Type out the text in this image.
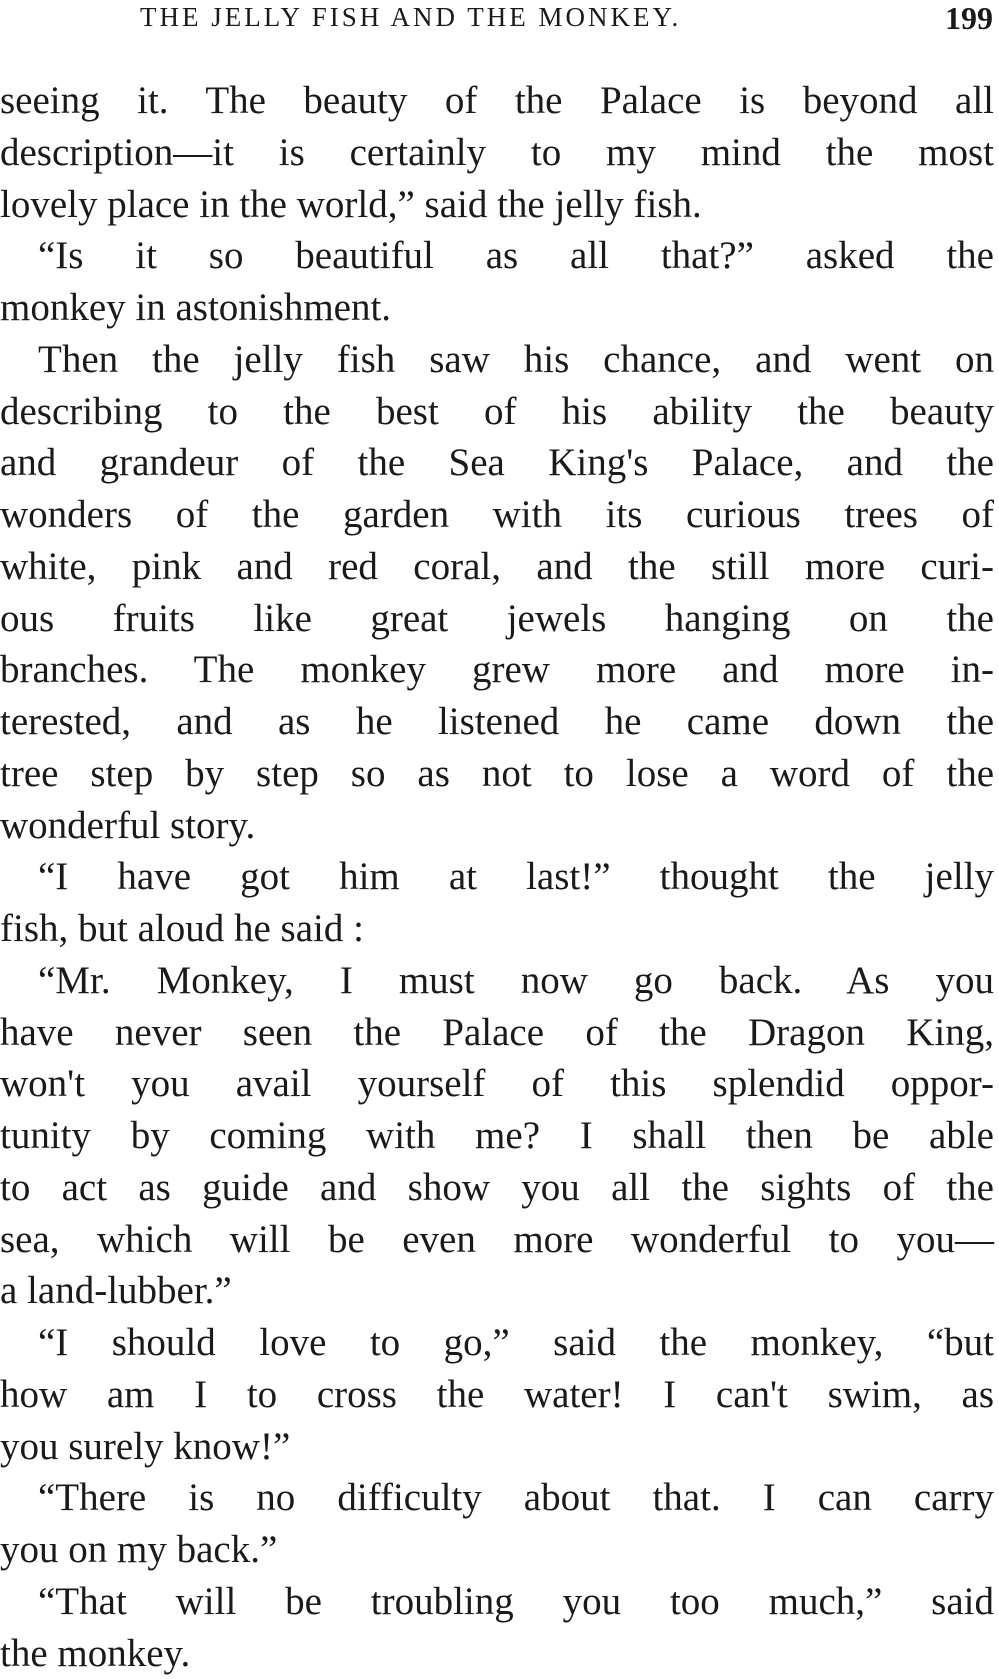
THE JELLY FISH AND THE MONKEY.	199
seeing it. The beauty of the Palace is beyond all
description—it is certainly to my mind the most
lovely place in the world,” said the jelly fish.
“Is it so beautiful as all that?” asked the
monkey in astonishment.
Then the jelly fish saw his chance, and went on
describing to the best of his ability the beauty
and grandeur of the Sea King's Palace, and the
wonders of the garden with its curious trees of
white, pink and red coral, and the still more curi-
ous fruits like great jewels hanging on the
branches. The monkey grew more and more in-
terested, and as he listened he came down the
tree step by step so as not to lose a word of the
wonderful story.
“I have got him at last!” thought the jelly
fish, but aloud he said :
“Mr. Monkey, I must now go back. As you
have never seen the Palace of the Dragon King,
won't you avail yourself of this splendid oppor-
tunity by coming with me? I shall then be able
to act as guide and show you all the sights of the
sea, which will be even more wonderful to you—
a land-lubber.”
“I should love to go,” said the monkey, “but
how am I to cross the water! I can't swim, as
you surely know!”
“There is no difficulty about that. I can carry
you on my back.”
“That will be troubling you too much,” said
the monkey.
